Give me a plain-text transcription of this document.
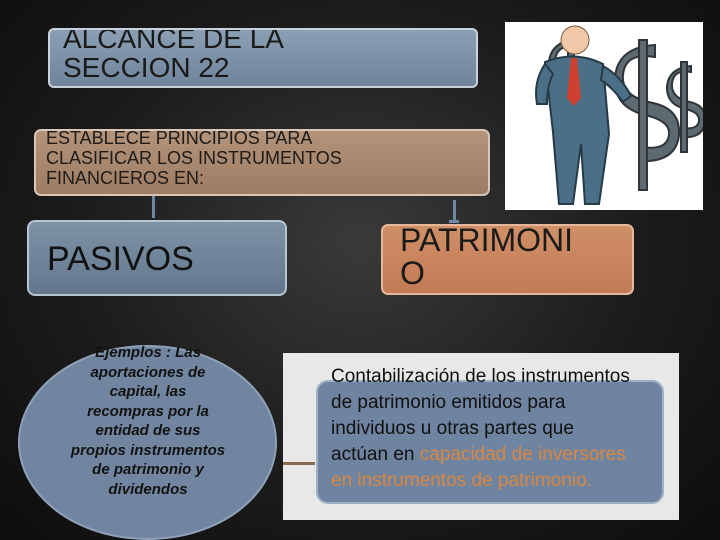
ALCANCE DE LA
SECCION 22
ESTABLECE PRINCIPIOS PARA
CLASIFICAR LOS INSTRUMENTOS
FINANCIEROS EN:
PASIVOS	PATRIMONI
O
Ejemplos : Las aportaciones de capital, las recompras por la entidad de sus propios instrumentos de patrimonio y dividendos
Contabilización de los instrumentos de patrimonio emitidos para individuos u otras partes que actúan en capacidad de inversores en instrumentos de patrimonio.
